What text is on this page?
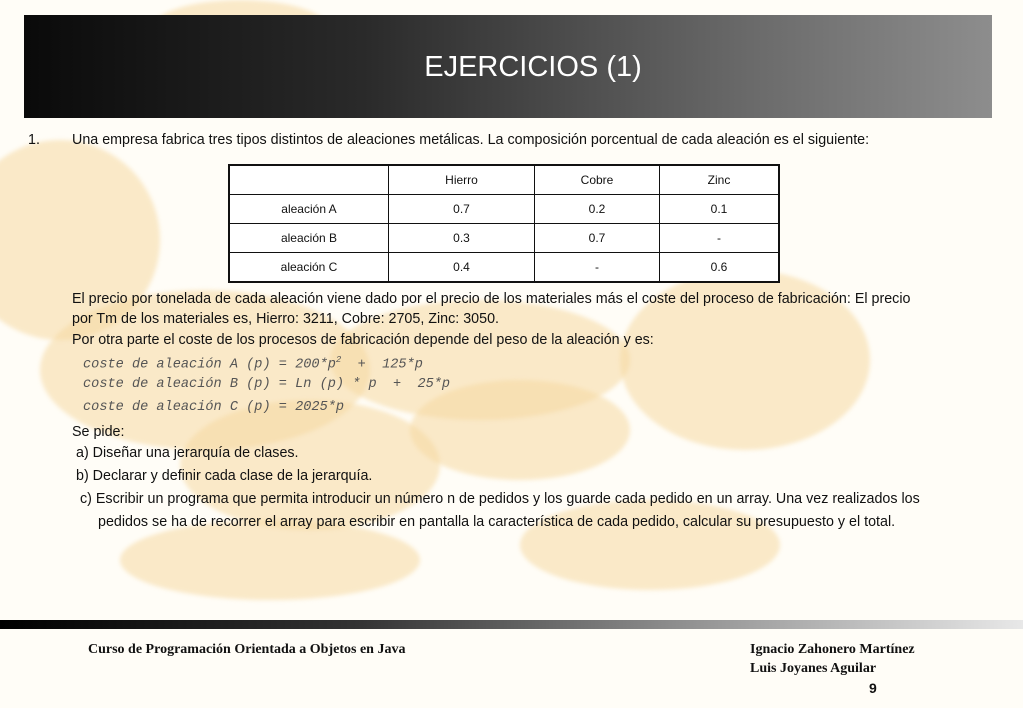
EJERCICIOS (1)
1. Una empresa fabrica tres tipos distintos de aleaciones metálicas. La composición porcentual de cada aleación es el siguiente:
	Hierro	Cobre	Zinc
aleación A	0.7	0.2	0.1
aleación B	0.3	0.7	-
aleación C	0.4	-	0.6
El precio por tonelada de cada aleación viene dado por el precio de los materiales más el coste del proceso de fabricación: El precio
por Tm de los materiales es, Hierro: 3211, Cobre: 2705, Zinc: 3050.
Por otra parte el coste de los procesos de fabricación depende del peso de la aleación y es:
coste de aleación A $(p) = 200*p^2 + 125*p$
coste de aleación B (p) = Ln (p) * p  +  25*p
coste de aleación C (p) = 2025*p
Se pide:
a) Diseñar una jerarquía de clases.
b) Declarar y definir cada clase de la jerarquía.
c) Escribir un programa que permita introducir un número n de pedidos y los guarde cada pedido en un array. Una vez realizados los
pedidos se ha de recorrer el array para escribir en pantalla la característica de cada pedido, calcular su presupuesto y el total.
Curso de Programación Orientada a Objetos en Java	Ignacio Zahonero Martínez
Luis Joyanes Aguilar
9
